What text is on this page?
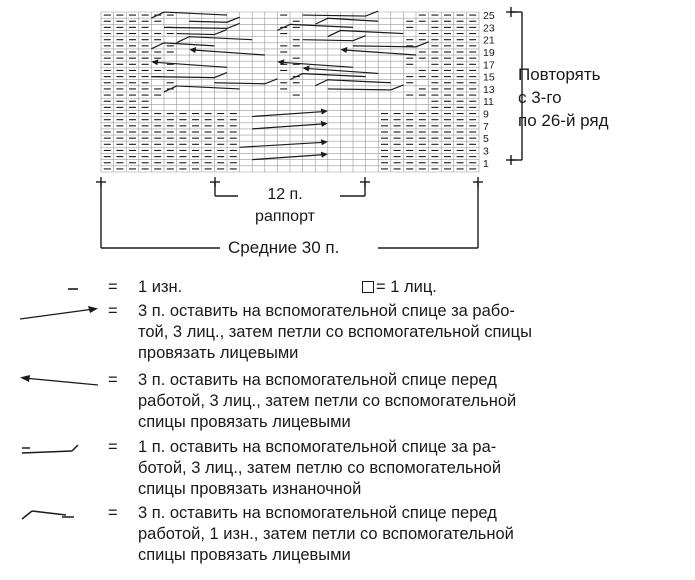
25
23
21
19
17
15
13
11
9
7
5
3
1
Повторять
с 3-го
по 26-й ряд
12 п.
раппорт
Средние 30 п.
= 1 изн.	= 1 лиц.
= 3 п. оставить на вспомогательной спице за рабо-
той, 3 лиц., затем петли со вспомогательной спицы
провязать лицевыми
= 3 п. оставить на вспомогательной спице перед
работой, 3 лиц., затем петли со вспомогательной
спицы провязать лицевыми
= 1 п. оставить на вспомогательной спице за ра-
ботой, 3 лиц., затем петлю со вспомогательной
спицы провязать изнаночной
= 3 п. оставить на вспомогательной спице перед
работой, 1 изн., затем петли со вспомогательной
спицы провязать лицевыми
